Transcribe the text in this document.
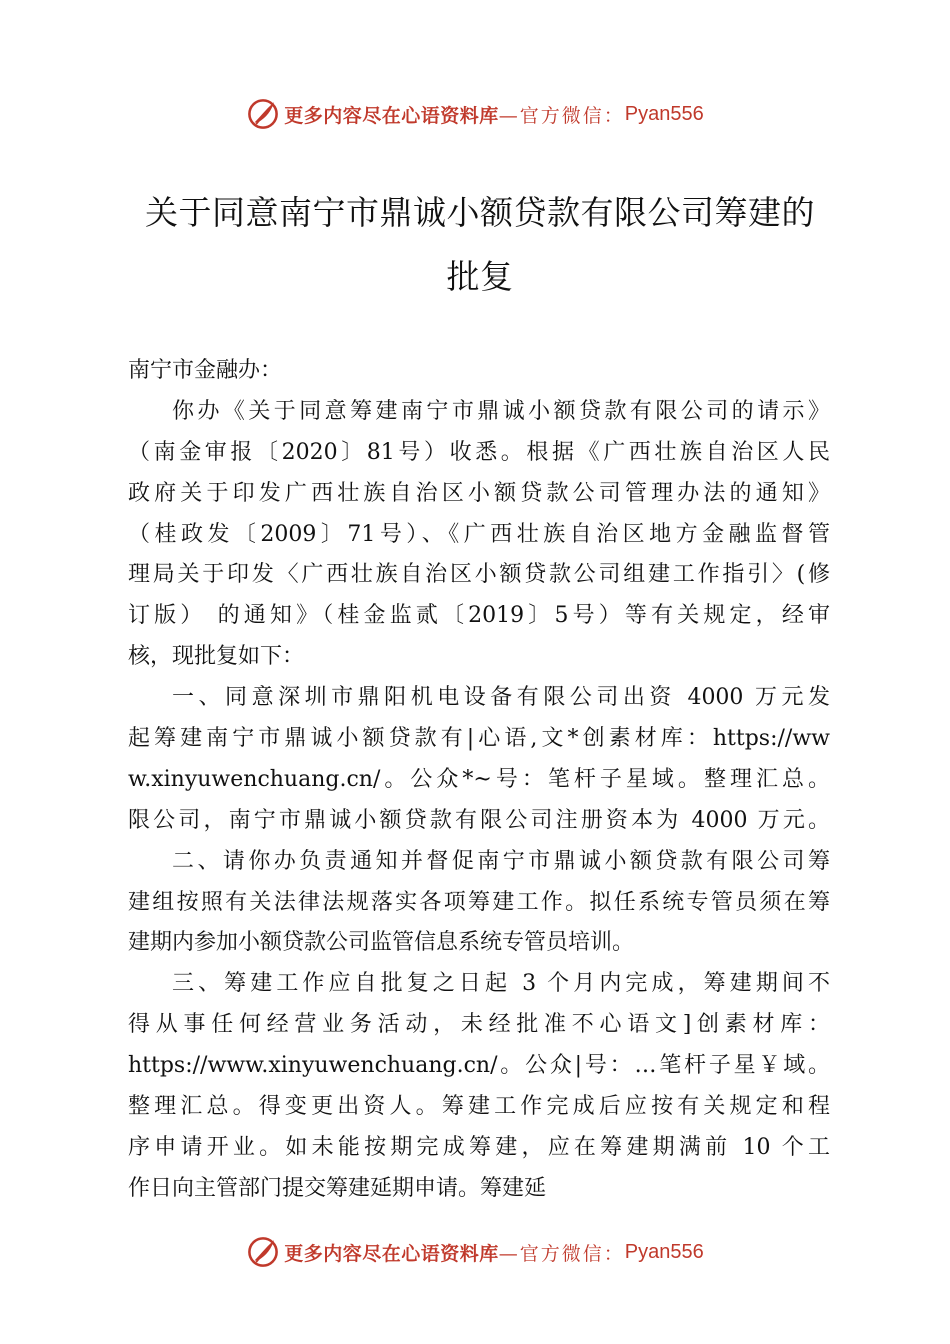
更多内容尽在心语资料库 —官方微信： Pyan556
关于同意南宁市鼎诚小额贷款有限公司筹建的
批复
南宁市金融办：
你办《关于同意筹建南宁市鼎诚小额贷款有限公司的请示》
（南金审报〔2020〕81号）收悉。根据《广西壮族自治区人民
政府关于印发广西壮族自治区小额贷款公司管理办法的通知》
（桂政发〔2009〕71号）、《广西壮族自治区地方金融监督管
理局关于印发〈广西壮族自治区小额贷款公司组建工作指引〉(修
订版） 的通知》（桂金监贰〔2019〕5号）等有关规定，经审
核，现批复如下：
一、同意深圳市鼎阳机电设备有限公司出资 4000 万元发
起筹建南宁市鼎诚小额贷款有|心语,文*创素材库：https://ww
w.xinyuwenchuang.cn/。公众*~号：笔杆子星域。整理汇总。
限公司，南宁市鼎诚小额贷款有限公司注册资本为 4000 万元。
二、请你办负责通知并督促南宁市鼎诚小额贷款有限公司筹
建组按照有关法律法规落实各项筹建工作。拟任系统专管员须在筹
建期内参加小额贷款公司监管信息系统专管员培训。
三、筹建工作应自批复之日起 3 个月内完成，筹建期间不
得从事任何经营业务活动，未经批准不心语文]创素材库：
https://www.xinyuwenchuang.cn/。公众|号：…笔杆子星￥域。
整理汇总。得变更出资人。筹建工作完成后应按有关规定和程
序申请开业。如未能按期完成筹建，应在筹建期满前 10 个工
作日向主管部门提交筹建延期申请。筹建延
更多内容尽在心语资料库 —官方微信： Pyan556
